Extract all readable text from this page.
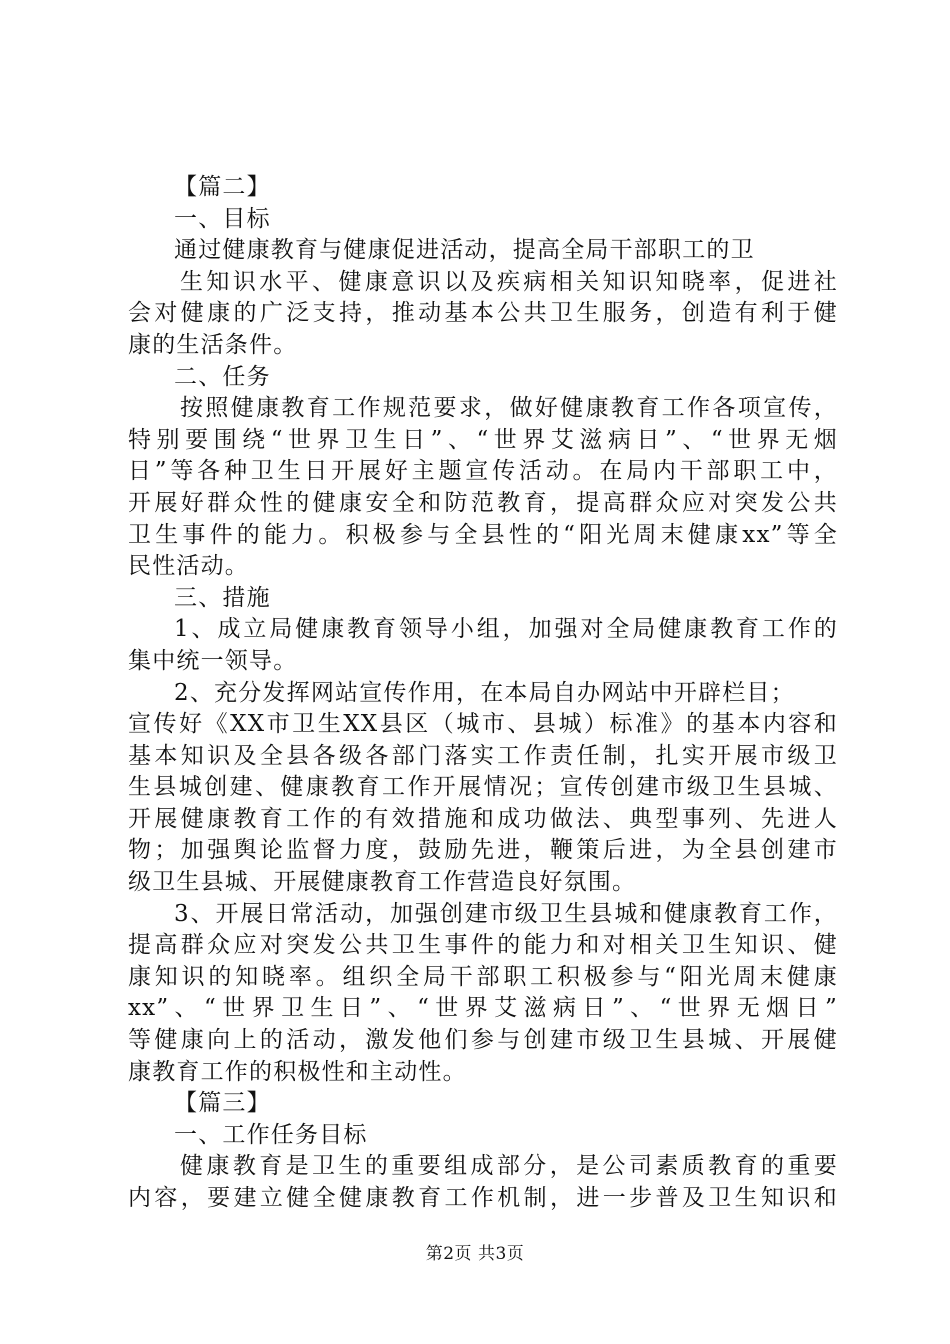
【篇二】
一、目标
通过健康教育与健康促进活动，提高全局干部职工的卫
生知识水平、健康意识以及疾病相关知识知晓率，促进社
会对健康的广泛支持，推动基本公共卫生服务，创造有利于健
康的生活条件。
二、任务
按照健康教育工作规范要求，做好健康教育工作各项宣传，
特别要围绕“世界卫生日”、“世界艾滋病日”、“世界无烟
日”等各种卫生日开展好主题宣传活动。在局内干部职工中，
开展好群众性的健康安全和防范教育，提高群众应对突发公共
卫生事件的能力。积极参与全县性的“阳光周末健康xx”等全
民性活动。
三、措施
1、成立局健康教育领导小组，加强对全局健康教育工作的
集中统一领导。
2、充分发挥网站宣传作用，在本局自办网站中开辟栏目；
宣传好《XX市卫生XX县区（城市、县城）标准》的基本内容和
基本知识及全县各级各部门落实工作责任制，扎实开展市级卫
生县城创建、健康教育工作开展情况；宣传创建市级卫生县城、
开展健康教育工作的有效措施和成功做法、典型事列、先进人
物；加强舆论监督力度，鼓励先进，鞭策后进，为全县创建市
级卫生县城、开展健康教育工作营造良好氛围。
3、开展日常活动，加强创建市级卫生县城和健康教育工作，
提高群众应对突发公共卫生事件的能力和对相关卫生知识、健
康知识的知晓率。组织全局干部职工积极参与“阳光周末健康
xx”、“世界卫生日”、“世界艾滋病日”、“世界无烟日”
等健康向上的活动，激发他们参与创建市级卫生县城、开展健
康教育工作的积极性和主动性。
【篇三】
一、工作任务目标
健康教育是卫生的重要组成部分，是公司素质教育的重要
内容，要建立健全健康教育工作机制，进一步普及卫生知识和
第2页 共3页
